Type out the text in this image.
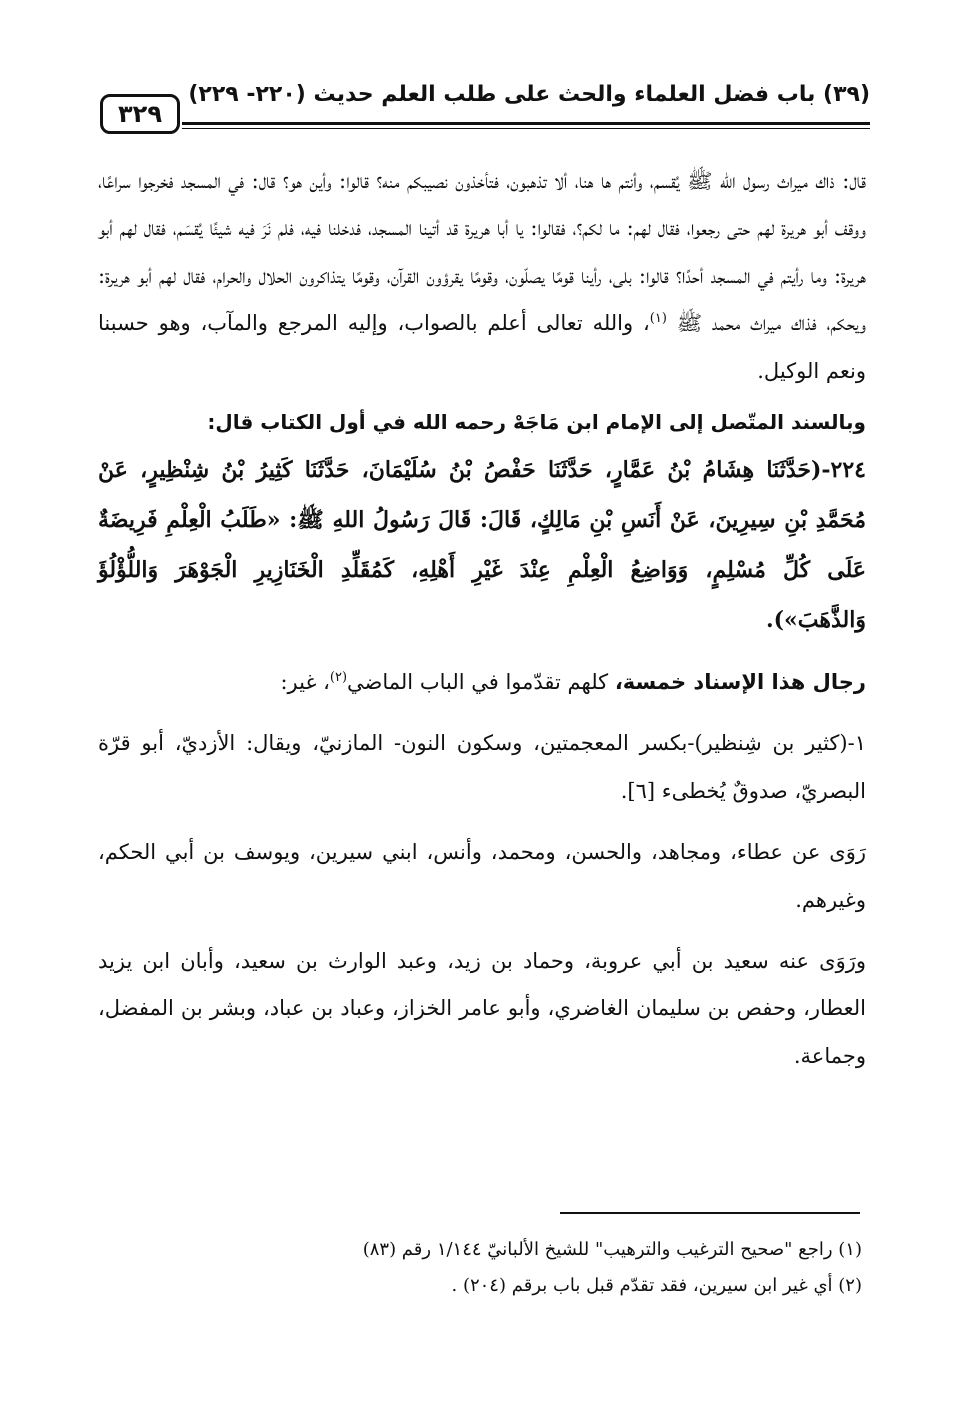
٣٢٩
(٣٩) باب فضل العلماء والحث على طلب العلم حديث (٢٢٠- ٢٢٩)

قال: ذاك ميراث رسول الله ﷺ يُقسم، وأنتم ها هنا، ألا تذهبون، فتأخذون نصيبكم منه؟ قالوا: وأين هو؟ قال: في المسجد فخرجوا سراعًا، ووقف أبو هريرة لهم حتى رجعوا، فقال لهم: ما لكم؟، فقالوا: يا أبا هريرة قد أتينا المسجد، فدخلنا فيه، فلم نَرَ فيه شيئًا يُقسَم، فقال لهم أبو هريرة: وما رأيتم في المسجد أحدًا؟ قالوا: بلى، رأينا قومًا يصلّون، وقومًا يقرؤون القرآن، وقومًا يتذاكرون الحلال والحرام، فقال لهم أبو هريرة: ويحكم، فذاك ميراث محمد ﷺ $^{(١)}$، والله تعالى أعلم بالصواب، وإليه المرجع والمآب، وهو حسبنا ونعم الوكيل.

وبالسند المتّصل إلى الإمام ابن مَاجَهْ رحمه الله في أول الكتاب قال:

٢٢٤-(حَدَّثَنَا هِشَامُ بْنُ عَمَّارٍ، حَدَّثَنَا حَفْصُ بْنُ سُلَيْمَانَ، حَدَّثَنَا كَثِيرُ بْنُ شِنْظِيرٍ، عَنْ مُحَمَّدِ بْنِ سِيرِينَ، عَنْ أَنَسِ بْنِ مَالِكٍ، قَالَ: قَالَ رَسُولُ اللهِ ﷺ: «طَلَبُ الْعِلْمِ فَرِيضَةٌ عَلَى كُلِّ مُسْلِمٍ، وَوَاضِعُ الْعِلْمِ عِنْدَ غَيْرِ أَهْلِهِ، كَمُقَلِّدِ الْخَنَازِيرِ الْجَوْهَرَ وَاللُّؤْلُؤَ وَالذَّهَبَ»).

رجال هذا الإسناد خمسة، كلهم تقدّموا في الباب الماضي$^{(٢)}$، غير:

١-(كثير بن شِنظير)-بكسر المعجمتين، وسكون النون- المازنيّ، ويقال: الأزديّ، أبو قرّة البصريّ، صدوقٌ يُخطىء [٦].

رَوَى عن عطاء، ومجاهد، والحسن، ومحمد، وأنس، ابني سيرين، ويوسف بن أبي الحكم، وغيرهم.

ورَوَى عنه سعيد بن أبي عروبة، وحماد بن زيد، وعبد الوارث بن سعيد، وأبان ابن يزيد العطار، وحفص بن سليمان الغاضري، وأبو عامر الخزاز، وعباد بن عباد، وبشر بن المفضل، وجماعة.

(١) راجع "صحيح الترغيب والترهيب" للشيخ الألبانيّ ١/١٤٤ رقم (٨٣)

(٢) أي غير ابن سيرين، فقد تقدّم قبل باب برقم (٢٠٤) .
